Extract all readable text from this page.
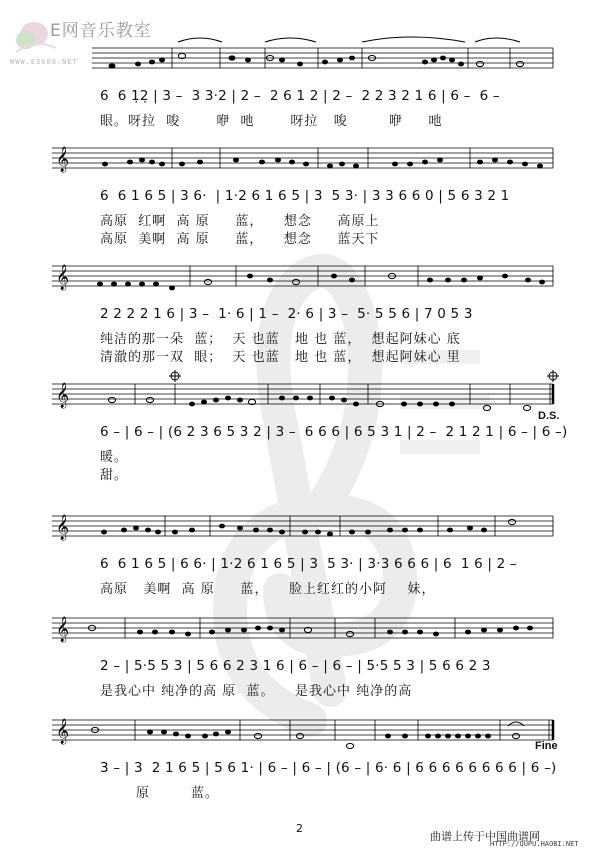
E网音乐教室
WWW.E3688.NET
6  6 1̣2̣ | 3 –  3 3·2 | 2 –  2 6 1 2 | 2 –  2 2 3 2 1 6 | 6 –  6 –
眼。呀拉  唆       咿  吔       呀拉   唆        咿     吔
𝄞
6  6 1 6 5 | 3 6·  | 1·2 6 1 6 5 | 3  5 3· | 3 3 6 6 0 | 5 6 3 2 1
高原  红啊  高 原     蓝，    想念     高原上
高原  美啊  高 原     蓝，    想念     蓝天下
𝄞
2 2 2 2 1 6 | 3 –  1· 6 | 1 –  2· 6 | 3 –  5· 5 5 6 | 7 0 5 3
纯洁的那一朵  蓝；  天 也蓝   地 也 蓝，  想起阿妹心 底
清澈的那一双  眼；  天 也蓝   地 也 蓝，  想起阿妹心 里
𝄞
D.S.
6 – | 6 – | (6 2 3 6 5 3 2 | 3 –  6 6 6 | 6 5 3 1 | 2 –  2 1 2 1 | 6 – | 6 –)
暖。
甜。
𝄞
6  6 1 6 5 | 6 6· | 1·2 6 1 6 5 | 3  5 3· | 3·3 6 6 6 | 6  1 6 | 2 –
高原   美啊  高 原     蓝，    脸上红红的小阿    妹，
𝄞
2 – | 5·5 5 3 | 5 6 6 2 3 1 6 | 6 – | 6 – | 5·5 5 3 | 5 6 6 2 3
是我心中 纯净的高 原  蓝。    是我心中 纯净的高
𝄞
Fine
3 – | 3  2 1 6 5 | 5 6 1· | 6 – | 6 – | (6 – | 6· 6 | 6 6 6 6 6 6 6 6 | 6 –)
原        蓝。
2
曲谱上传于中国曲谱网
HTTP://QUPU.HAOBI.NET
